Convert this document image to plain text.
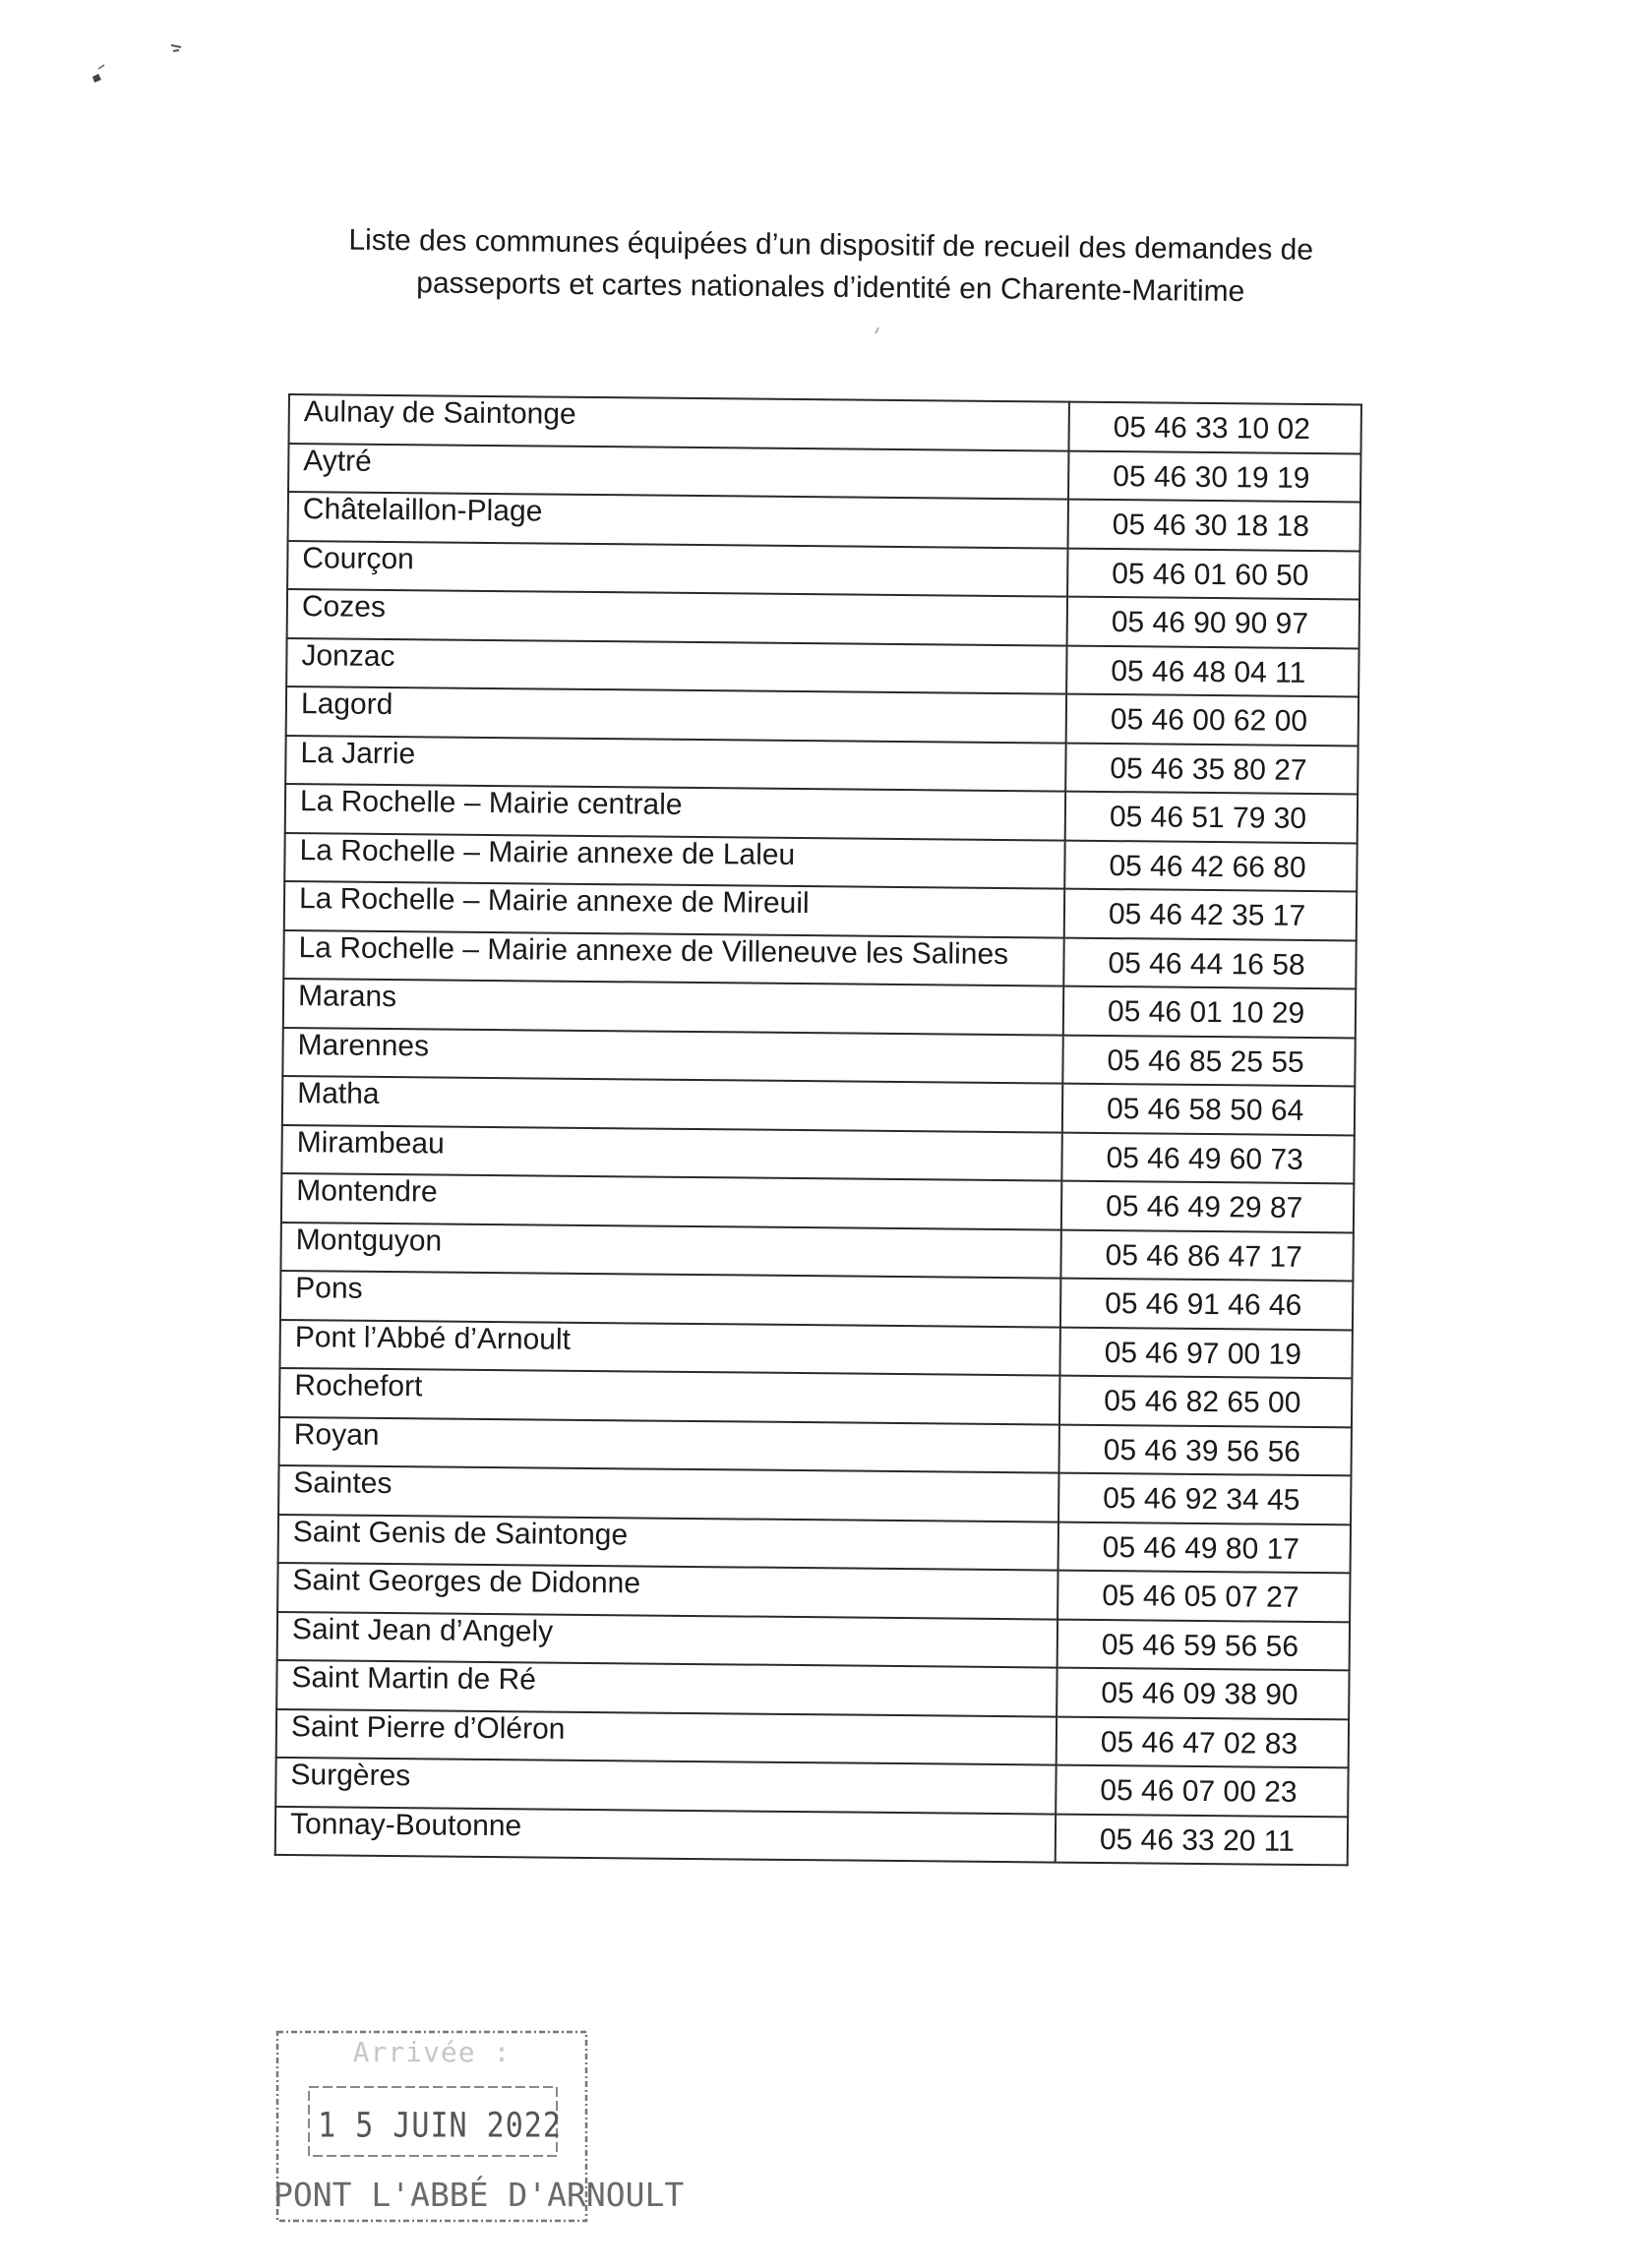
Liste des communes équipées d’un dispositif de recueil des demandes de passeports et cartes nationales d’identité en Charente-Maritime
Aulnay de Saintonge	05 46 33 10 02
Aytré	05 46 30 19 19
Châtelaillon-Plage	05 46 30 18 18
Courçon	05 46 01 60 50
Cozes	05 46 90 90 97
Jonzac	05 46 48 04 11
Lagord	05 46 00 62 00
La Jarrie	05 46 35 80 27
La Rochelle – Mairie centrale	05 46 51 79 30
La Rochelle – Mairie annexe de Laleu	05 46 42 66 80
La Rochelle – Mairie annexe de Mireuil	05 46 42 35 17
La Rochelle – Mairie annexe de Villeneuve les Salines	05 46 44 16 58
Marans	05 46 01 10 29
Marennes	05 46 85 25 55
Matha	05 46 58 50 64
Mirambeau	05 46 49 60 73
Montendre	05 46 49 29 87
Montguyon	05 46 86 47 17
Pons	05 46 91 46 46
Pont l’Abbé d’Arnoult	05 46 97 00 19
Rochefort	05 46 82 65 00
Royan	05 46 39 56 56
Saintes	05 46 92 34 45
Saint Genis de Saintonge	05 46 49 80 17
Saint Georges de Didonne	05 46 05 07 27
Saint Jean d’Angely	05 46 59 56 56
Saint Martin de Ré	05 46 09 38 90
Saint Pierre d’Oléron	05 46 47 02 83
Surgères	05 46 07 00 23
Tonnay-Boutonne	05 46 33 20 11
Arrivée :
1 5 JUIN 2022
PONT L'ABBÉ D'ARNOULT
